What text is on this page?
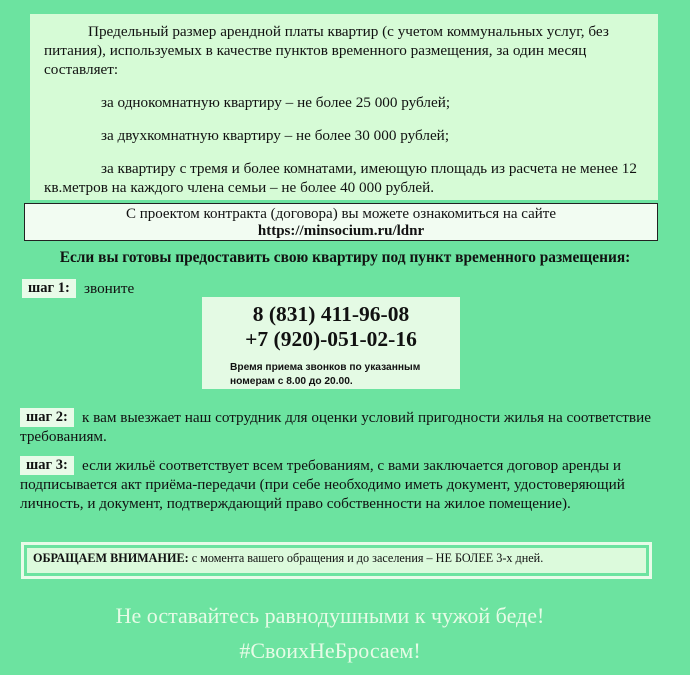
Предельный размер арендной платы квартир (с учетом коммунальных услуг, без питания), используемых в качестве пунктов временного размещения, за один месяц составляет:

за однокомнатную квартиру – не более 25 000 рублей;

за двухкомнатную квартиру – не более 30 000 рублей;

за квартиру с тремя и более комнатами, имеющую площадь из расчета не менее 12 кв.метров на каждого члена семьи – не более 40 000 рублей.

С проектом контракта (договора) вы можете ознакомиться на сайте
https://minsocium.ru/ldnr
Если вы готовы предоставить свою квартиру под пункт временного размещения:
шаг 1: звоните
8 (831) 411-96-08
+7 (920)-051-02-16
Время приема звонков по указанным номерам с 8.00 до 20.00.
шаг 2: к вам выезжает наш сотрудник для оценки условий пригодности жилья на соответствие требованиям.
шаг 3: если жильё соответствует всем требованиям, с вами заключается договор аренды и подписывается акт приёма-передачи (при себе необходимо иметь документ, удостоверяющий личность, и документ, подтверждающий право собственности на жилое помещение).
ОБРАЩАЕМ ВНИМАНИЕ: с момента вашего обращения и до заселения – НЕ БОЛЕЕ 3-х дней.
Не оставайтесь равнодушными к чужой беде!
#СвоихНеБросаем!
